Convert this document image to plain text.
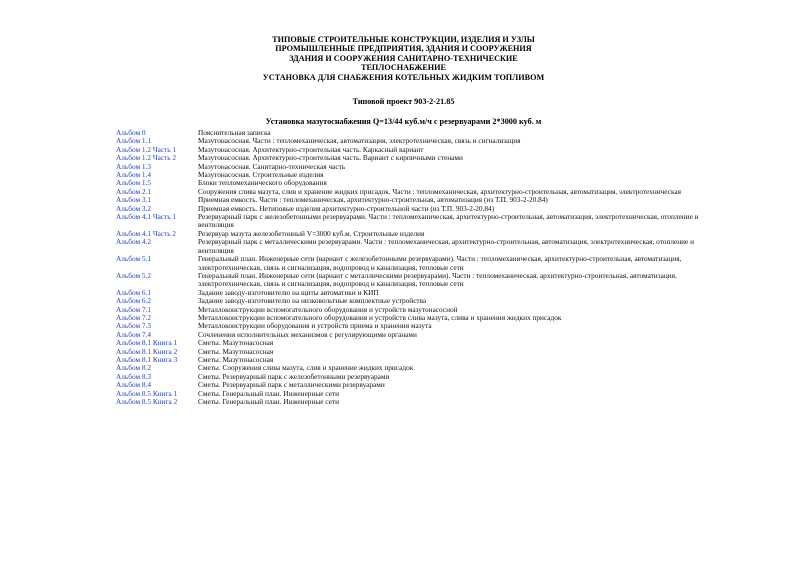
ТИПОВЫЕ СТРОИТЕЛЬНЫЕ КОНСТРУКЦИИ, ИЗДЕЛИЯ И УЗЛЫ
ПРОМЫШЛЕННЫЕ ПРЕДПРИЯТИЯ, ЗДАНИЯ И СООРУЖЕНИЯ
ЗДАНИЯ И СООРУЖЕНИЯ САНИТАРНО-ТЕХНИЧЕСКИЕ
ТЕПЛОСНАБЖЕНИЕ
УСТАНОВКА ДЛЯ СНАБЖЕНИЯ КОТЕЛЬНЫХ ЖИДКИМ ТОПЛИВОМ
Типовой проект 903-2-21.85
Установка мазутоснабжения Q=13/44 куб.м/ч с резервуарами 2*3000 куб. м
Альбом 0	Пояснительная записка
Альбом 1.1	Мазутонасосная. Части : тепломеханическая, автоматизация, электротехническая, связь и сигнализация
Альбом 1.2 Часть 1	Мазутонасосная. Архитектурно-строительная часть. Каркасный вариант
Альбом 1.2 Часть 2	Мазутонасосная. Архитектурно-строительная часть. Вариант с кирпичными стенами
Альбом 1.3	Мазутонасосная. Санитарно-техническая часть
Альбом 1.4	Мазутонасосная. Строительные изделия
Альбом 1.5	Блоки тепломеханического оборудования
Альбом 2.1	Сооружения слива мазута, слив и хранение жидких присадок. Части : тепломеханическая, архитектурно-строительная, автоматизация, электротехническая
Альбом 3.1	Приемная емкость. Части : тепломеханическая, архитектурно-строительная, автоматизация (из Т.П. 903-2-20.84)
Альбом 3.2	Приемная емкость. Нетиповые изделия архитектурно-строительной части (из Т.П. 903-2-20.84)
Альбом 4.1 Часть 1	Резервуарный парк с железобетонными резервуарами. Части : тепломеханическая, архитектурно-строительная, автоматизация, электротехническая, отопление и вентиляция
Альбом 4.1 Часть 2	Резервуар мазута железобетонный V=3000 куб.м. Строительные изделия
Альбом 4.2	Резервуарный парк с металлическими резервуарами. Части : тепломеханическая, архитектурно-строительная, автоматизация, электротехническая, отопление и вентиляция
Альбом 5.1	Генеральный план. Инженерные сети (вариант с железобетонными резервуарами). Части : тепломеханическая, архитектурно-строительная, автоматизация, электротехническая, связь и сигнализация, водопровод и канализация, тепловые сети
Альбом 5.2	Генеральный план. Инженерные сети (вариант с металлическими резервуарами). Части : тепломеханическая, архитектурно-строительная, автоматизация, электротехническая, связь и сигнализация, водопровод и канализация, тепловые сети
Альбом 6.1	Задание заводу-изготовителю на щиты автоматики и КИП
Альбом 6.2	Задание заводу-изготовителю на низковольтные комплектные устройства
Альбом 7.1	Металлоконструкции вспомогательного оборудования и устройств мазутонасосной
Альбом 7.2	Металлоконструкции вспомогательного оборудования и устройств слива мазута, слива и хранения жидких присадок
Альбом 7.3	Металлоконструкции оборудования и устройств приема и хранения мазута
Альбом 7.4	Сочленения исполнительных механизмов с регулирующими органами
Альбом 8.1 Книга 1	Сметы. Мазутонасосная
Альбом 8.1 Книга 2	Сметы. Мазутонасосная
Альбом 8.1 Книга 3	Сметы. Мазутонасосная
Альбом 8.2	Сметы. Сооружения слива мазута, слив и хранение жидких присадок
Альбом 8.3	Сметы. Резервуарный парк с железобетонными резервуарами
Альбом 8.4	Сметы. Резервуарный парк с металлическими резервуарами
Альбом 8.5 Книга 1	Сметы. Генеральный план. Инженерные сети
Альбом 8.5 Книга 2	Сметы. Генеральный план. Инженерные сети
